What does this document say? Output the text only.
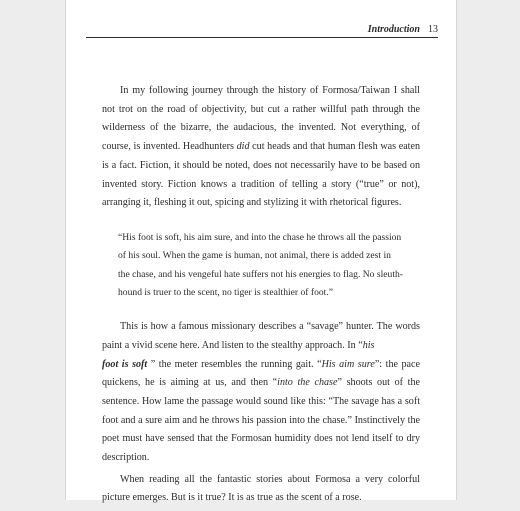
Introduction 13

In my following journey through the history of Formosa/Taiwan I shall not trot on the road of objectivity, but cut a rather willful path through the wilderness of the bizarre, the audacious, the invented. Not everything, of course, is invented. Headhunters did cut heads and that human flesh was eaten is a fact. Fiction, it should be noted, does not necessarily have to be based on invented story. Fiction knows a tradition of telling a story (“true” or not), arranging it, fleshing it out, spicing and stylizing it with rhetorical figures.

“His foot is soft, his aim sure, and into the chase he throws all the passion of his soul. When the game is human, not animal, there is added zest in the chase, and his vengeful hate suffers not his energies to flag. No sleuth-hound is truer to the scent, no tiger is stealthier of foot.”

This is how a famous missionary describes a “savage” hunter. The words paint a vivid scene here. And listen to the stealthy approach. In “his
foot is soft ” the meter resembles the running gait. “His aim sure”: the pace quickens, he is aiming at us, and then “into the chase” shoots out of the sentence. How lame the passage would sound like this: “The savage has a soft foot and a sure aim and he throws his passion into the chase.” Instinctively the poet must have sensed that the Formosan humidity does not lend itself to dry description.

When reading all the fantastic stories about Formosa a very colorful picture emerges. But is it true? It is as true as the scent of a rose.
